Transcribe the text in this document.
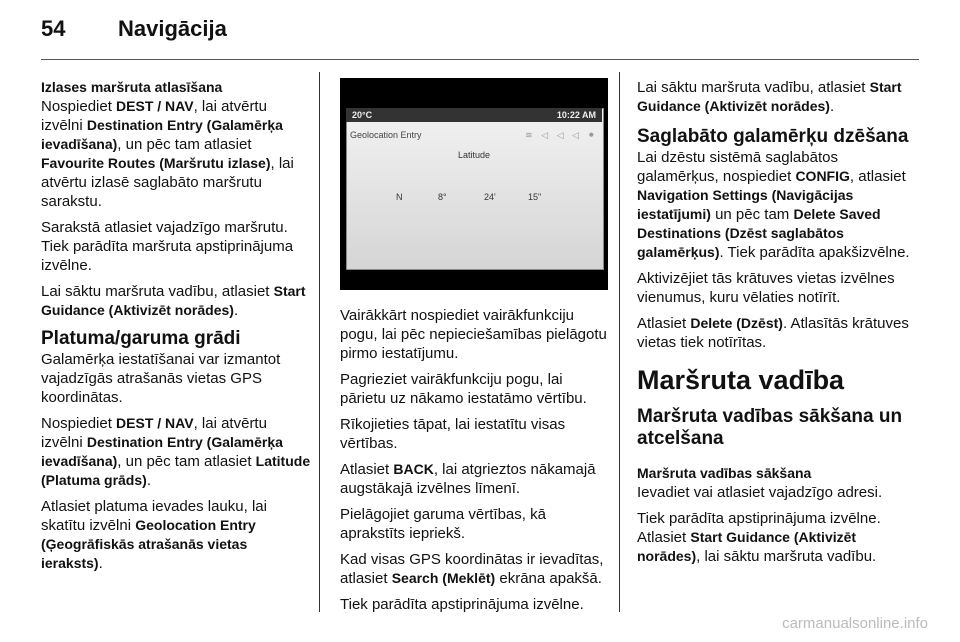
54 Navigācija
Izlases maršruta atlasīšana

Nospiediet DEST / NAV, lai atvērtu izvēlni Destination Entry (Galamērķa ievadīšana), un pēc tam atlasiet Favourite Routes (Maršrutu izlase), lai atvērtu izlasē saglabāto maršrutu sarakstu.

Sarakstā atlasiet vajadzīgo maršrutu. Tiek parādīta maršruta apstiprinājuma izvēlne.

Lai sāktu maršruta vadību, atlasiet Start Guidance (Aktivizēt norādes).

Platuma/garuma grādi

Galamērķa iestatīšanai var izmantot vajadzīgās atrašanās vietas GPS koordinātas.

Nospiediet DEST / NAV, lai atvērtu izvēlni Destination Entry (Galamērķa ievadīšana), un pēc tam atlasiet Latitude (Platuma grāds).

Atlasiet platuma ievades lauku, lai skatītu izvēlni Geolocation Entry (Ģeogrāfiskās atrašanās vietas ieraksts).

20°C	10:22 AM
Geolocation Entry	≋ ◁ ◁ ◁ ⚫
Latitude
N	8°	24'	15"

Vairākkārt nospiediet vairākfunkciju pogu, lai pēc nepieciešamības pielāgotu pirmo iestatījumu.

Pagrieziet vairākfunkciju pogu, lai pārietu uz nākamo iestatāmo vērtību.

Rīkojieties tāpat, lai iestatītu visas vērtības.

Atlasiet BACK, lai atgrieztos nākamajā augstākajā izvēlnes līmenī.

Pielāgojiet garuma vērtības, kā aprakstīts iepriekš.

Kad visas GPS koordinātas ir ievadītas, atlasiet Search (Meklēt) ekrāna apakšā.

Tiek parādīta apstiprinājuma izvēlne.

Lai sāktu maršruta vadību, atlasiet Start Guidance (Aktivizēt norādes).

Saglabāto galamērķu dzēšana

Lai dzēstu sistēmā saglabātos galamērķus, nospiediet CONFIG, atlasiet Navigation Settings (Navigācijas iestatījumi) un pēc tam Delete Saved Destinations (Dzēst saglabātos galamērķus). Tiek parādīta apakšizvēlne.

Aktivizējiet tās krātuves vietas izvēlnes vienumus, kuru vēlaties notīrīt.

Atlasiet Delete (Dzēst). Atlasītās krātuves vietas tiek notīrītas.

Maršruta vadība
Maršruta vadības sākšana un atcelšana
Maršruta vadības sākšana

Ievadiet vai atlasiet vajadzīgo adresi.

Tiek parādīta apstiprinājuma izvēlne. Atlasiet Start Guidance (Aktivizēt norādes), lai sāktu maršruta vadību.

carmanualsonline.info
